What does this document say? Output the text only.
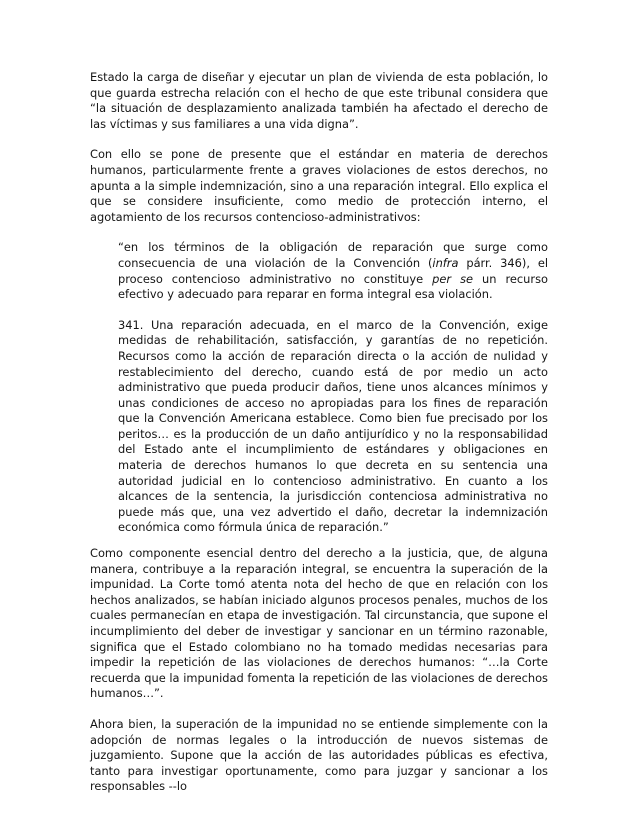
Estado la carga de diseñar y ejecutar un plan de vivienda de esta población, lo que guarda estrecha relación con el hecho de que este tribunal considera que “la situación de desplazamiento analizada también ha afectado el derecho de las víctimas y sus familiares a una vida digna”.

Con ello se pone de presente que el estándar en materia de derechos humanos, particularmente frente a graves violaciones de estos derechos, no apunta a la simple indemnización, sino a una reparación integral. Ello explica el que se considere insuficiente, como medio de protección interno, el agotamiento de los recursos contencioso-administrativos:

“en los términos de la obligación de reparación que surge como consecuencia de una violación de la Convención (infra párr. 346), el proceso contencioso administrativo no constituye per se un recurso efectivo y adecuado para reparar en forma integral esa violación.

341. Una reparación adecuada, en el marco de la Convención, exige medidas de rehabilitación, satisfacción, y garantías de no repetición. Recursos como la acción de reparación directa o la acción de nulidad y restablecimiento del derecho, cuando está de por medio un acto administrativo que pueda producir daños, tiene unos alcances mínimos y unas condiciones de acceso no apropiadas para los fines de reparación que la Convención Americana establece. Como bien fue precisado por los peritos… es la producción de un daño antijurídico y no la responsabilidad del Estado ante el incumplimiento de estándares y obligaciones en materia de derechos humanos lo que decreta en su sentencia una autoridad judicial en lo contencioso administrativo. En cuanto a los alcances de la sentencia, la jurisdicción contenciosa administrativa no puede más que, una vez advertido el daño, decretar la indemnización económica como fórmula única de reparación.”

Como componente esencial dentro del derecho a la justicia, que, de alguna manera, contribuye a la reparación integral, se encuentra la superación de la impunidad. La Corte tomó atenta nota del hecho de que en relación con los hechos analizados, se habían iniciado algunos procesos penales, muchos de los cuales permanecían en etapa de investigación. Tal circunstancia, que supone el incumplimiento del deber de investigar y sancionar en un término razonable, significa que el Estado colombiano no ha tomado medidas necesarias para impedir la repetición de las violaciones de derechos humanos: “…la Corte recuerda que la impunidad fomenta la repetición de las violaciones de derechos humanos…”.

Ahora bien, la superación de la impunidad no se entiende simplemente con la adopción de normas legales o la introducción de nuevos sistemas de juzgamiento. Supone que la acción de las autoridades públicas es efectiva, tanto para investigar oportunamente, como para juzgar y sancionar a los responsables --lo
